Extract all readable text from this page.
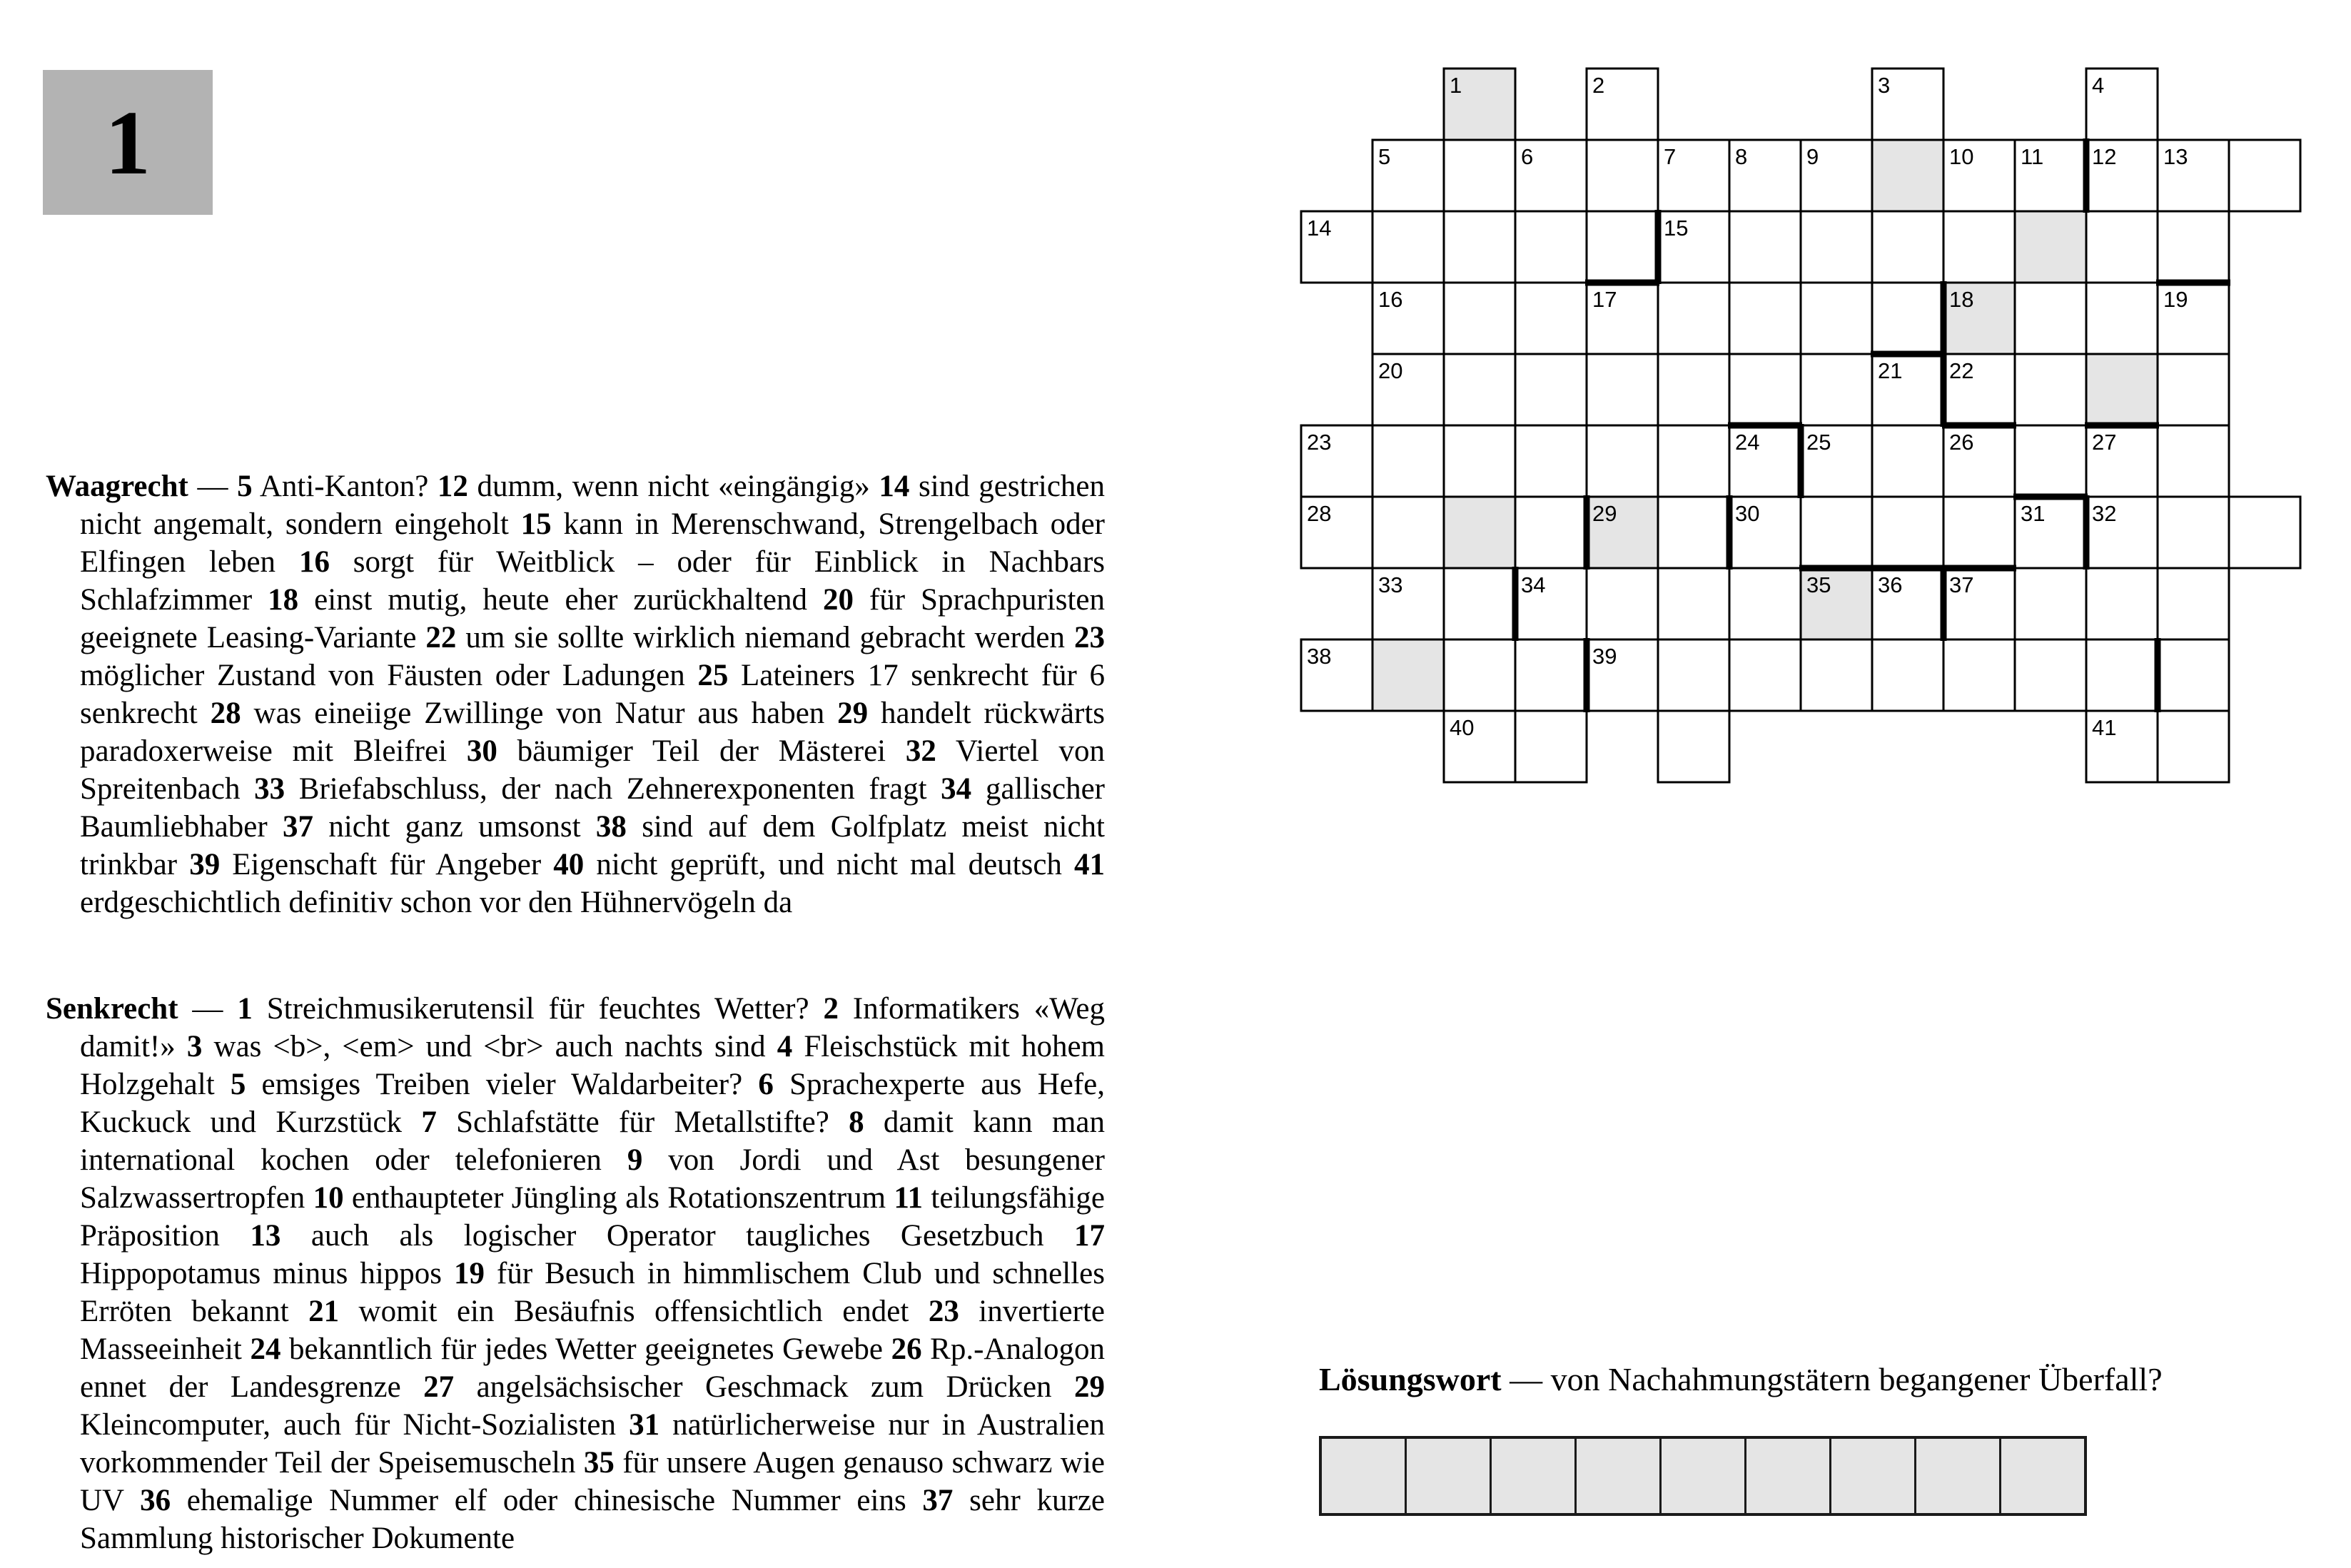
1

Waagrecht — 5 Anti-Kanton? 12 dumm, wenn nicht «eingängig» 14 sind gestrichen nicht angemalt, sondern eingeholt 15 kann in Merenschwand, Strengelbach oder Elfingen leben 16 sorgt für Weitblick – oder für Einblick in Nachbars Schlafzimmer 18 einst mutig, heute eher zurückhaltend 20 für Sprachpuristen geeignete Leasing-Variante 22 um sie sollte wirklich niemand gebracht werden 23 möglicher Zustand von Fäusten oder Ladungen 25 Lateiners 17 senkrecht für 6 senkrecht 28 was eineiige Zwillinge von Natur aus haben 29 handelt rückwärts paradoxerweise mit Bleifrei 30 bäumiger Teil der Mästerei 32 Viertel von Spreitenbach 33 Briefabschluss, der nach Zehnerexponenten fragt 34 gallischer Baumliebhaber 37 nicht ganz umsonst 38 sind auf dem Golfplatz meist nicht trinkbar 39 Eigenschaft für Angeber 40 nicht geprüft, und nicht mal deutsch 41 erdgeschichtlich definitiv schon vor den Hühnervögeln da

Senkrecht — 1 Streichmusikerutensil für feuchtes Wetter? 2 Informatikers «Weg damit!» 3 was <b>, <em> und <br> auch nachts sind 4 Fleischstück mit hohem Holzgehalt 5 emsiges Treiben vieler Waldarbeiter? 6 Sprachexperte aus Hefe, Kuckuck und Kurzstück 7 Schlafstätte für Metallstifte? 8 damit kann man international kochen oder telefonieren 9 von Jordi und Ast besungener Salzwassertropfen 10 enthaupteter Jüngling als Rotationszentrum 11 teilungsfähige Präposition 13 auch als logischer Operator taugliches Gesetzbuch 17 Hippopotamus minus hippos 19 für Besuch in himmlischem Club und schnelles Erröten bekannt 21 womit ein Besäufnis offensichtlich endet 23 invertierte Masseeinheit 24 bekanntlich für jedes Wetter geeignetes Gewebe 26 Rp.-Analogon ennet der Landesgrenze 27 angelsächsischer Geschmack zum Drücken 29 Kleincomputer, auch für Nicht-Sozialisten 31 natürlicherweise nur in Australien vorkommender Teil der Speisemuscheln 35 für unsere Augen genauso schwarz wie UV 36 ehemalige Nummer elf oder chinesische Nummer eins 37 sehr kurze Sammlung historischer Dokumente

1	2	3	4
5	6	7	8	9	10 11 12 13
14	15
16	17	18	19
20	21 22
23	24 25	26	27
28	29	30	31 32
33	34	35 36 37
38	39
40	41
Lösungswort — von Nachahmungstätern begangener Überfall?
